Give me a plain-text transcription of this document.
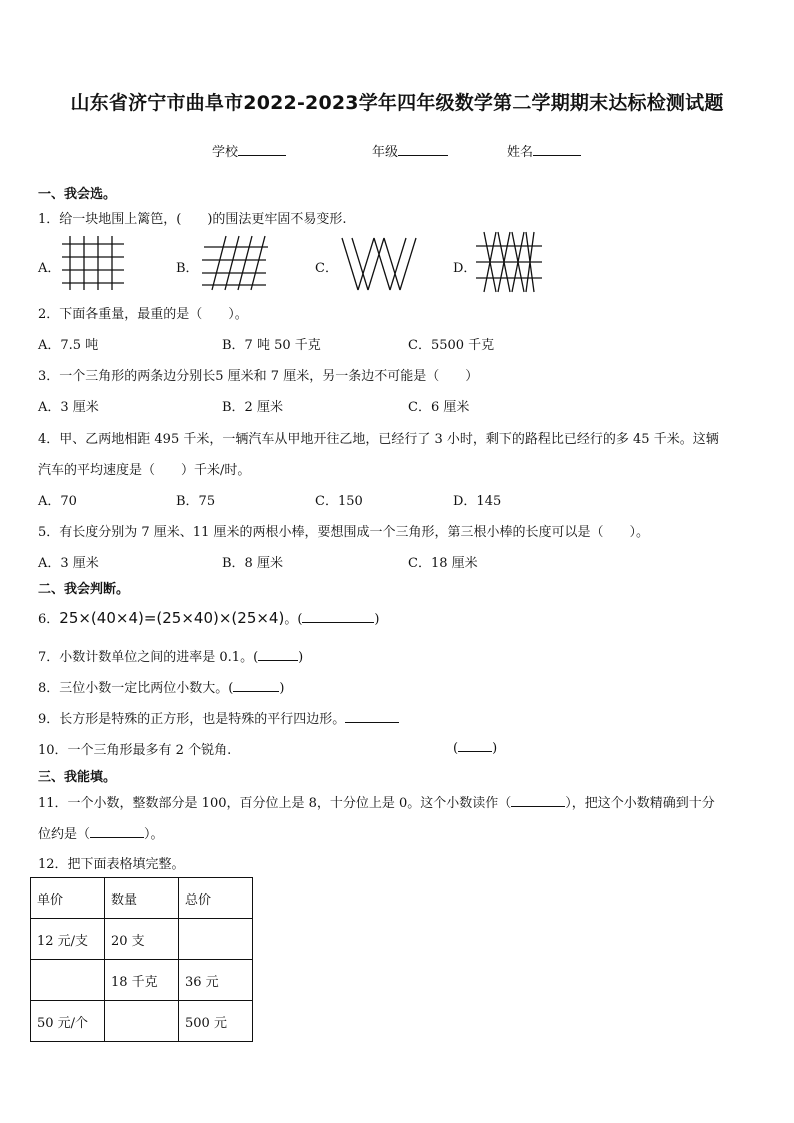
山东省济宁市曲阜市2022-2023学年四年级数学第二学期期末达标检测试题
学校	年级	姓名
一、我会选。
1．给一块地围上篱笆，(　　)的围法更牢固不易变形.
A．	B．	C．	D．
2．下面各重量，最重的是（　　）。
A．7.5 吨	B．7 吨 50 千克	C．5500 千克
3．一个三角形的两条边分别长5 厘米和 7 厘米，另一条边不可能是（　　）
A．3 厘米	B．2 厘米	C．6 厘米
4．甲、乙两地相距 495 千米，一辆汽车从甲地开往乙地，已经行了 3 小时，剩下的路程比已经行的多 45 千米。这辆
汽车的平均速度是（　　）千米/时。
A．70	B．75	C．150	D．145
5．有长度分别为 7 厘米、11 厘米的两根小棒，要想围成一个三角形，第三根小棒的长度可以是（　　）。
A．3 厘米	B．8 厘米	C．18 厘米
二、我会判断。
6．25×(40×4)=(25×40)×(25×4)。(	)
7．小数计数单位之间的进率是 0.1。(	)
8．三位小数一定比两位小数大。(	)
9．长方形是特殊的正方形，也是特殊的平行四边形。
10．一个三角形最多有 2 个锐角.	(	)
三、我能填。
11．一个小数，整数部分是 100，百分位上是 8，十分位上是 0。这个小数读作（	），把这个小数精确到十分
位约是（	）。
12．把下面表格填完整。
单价	数量	总价
12 元/支	20 支	
	18 千克	36 元
50 元/个		500 元
